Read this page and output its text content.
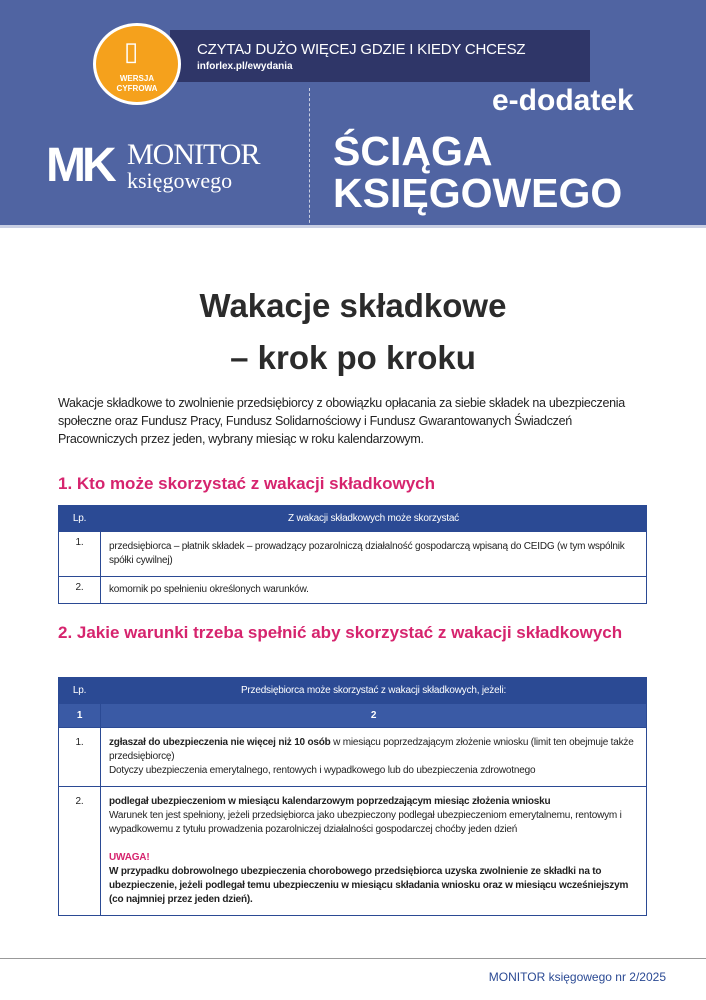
CZYTAJ DUŻO WIĘCEJ GDZIE I KIEDY CHCESZ
inforlex.pl/ewydania
▯
WERSJA
CYFROWA
MK MONITOR
księgowego
e-dodatek
ŚCIĄGA
KSIĘGOWEGO
Wakacje składkowe
– krok po kroku

Wakacje składkowe to zwolnienie przedsiębiorcy z obowiązku opłacania za siebie składek na ubezpieczenia społeczne oraz Fundusz Pracy, Fundusz Solidarnościowy i Fundusz Gwarantowanych Świadczeń Pracowniczych przez jeden, wybrany miesiąc w roku kalendarzowym.

1. Kto może skorzystać z wakacji składkowych
Lp.	Z wakacji składkowych może skorzystać
1.	przedsiębiorca – płatnik składek – prowadzący pozarolniczą działalność gospodarczą wpisaną do CEIDG (w tym wspólnik spółki cywilnej)
2.	komornik po spełnieniu określonych warunków.
2. Jakie warunki trzeba spełnić aby skorzystać z wakacji składkowych
Lp.	Przedsiębiorca może skorzystać z wakacji składkowych, jeżeli:
1	2
1.	zgłaszał do ubezpieczenia nie więcej niż 10 osób w miesiącu poprzedzającym złożenie wniosku (limit ten obejmuje także przedsiębiorcę)
Dotyczy ubezpieczenia emerytalnego, rentowych i wypadkowego lub do ubezpieczenia zdrowotnego

2.	podlegał ubezpieczeniom w miesiącu kalendarzowym poprzedzającym miesiąc złożenia wniosku
Warunek ten jest spełniony, jeżeli przedsiębiorca jako ubezpieczony podlegał ubezpieczeniom emerytalnemu, rentowym i wypadkowemu z tytułu prowadzenia pozarolniczej działalności gospodarczej choćby jeden dzień
UWAGA!
W przypadku dobrowolnego ubezpieczenia chorobowego przedsiębiorca uzyska zwolnienie ze składki na to ubezpieczenie, jeżeli podlegał temu ubezpieczeniu w miesiącu składania wniosku oraz w miesiącu wcześniejszym (co najmniej przez jeden dzień).
MONITOR księgowego nr 2/2025
